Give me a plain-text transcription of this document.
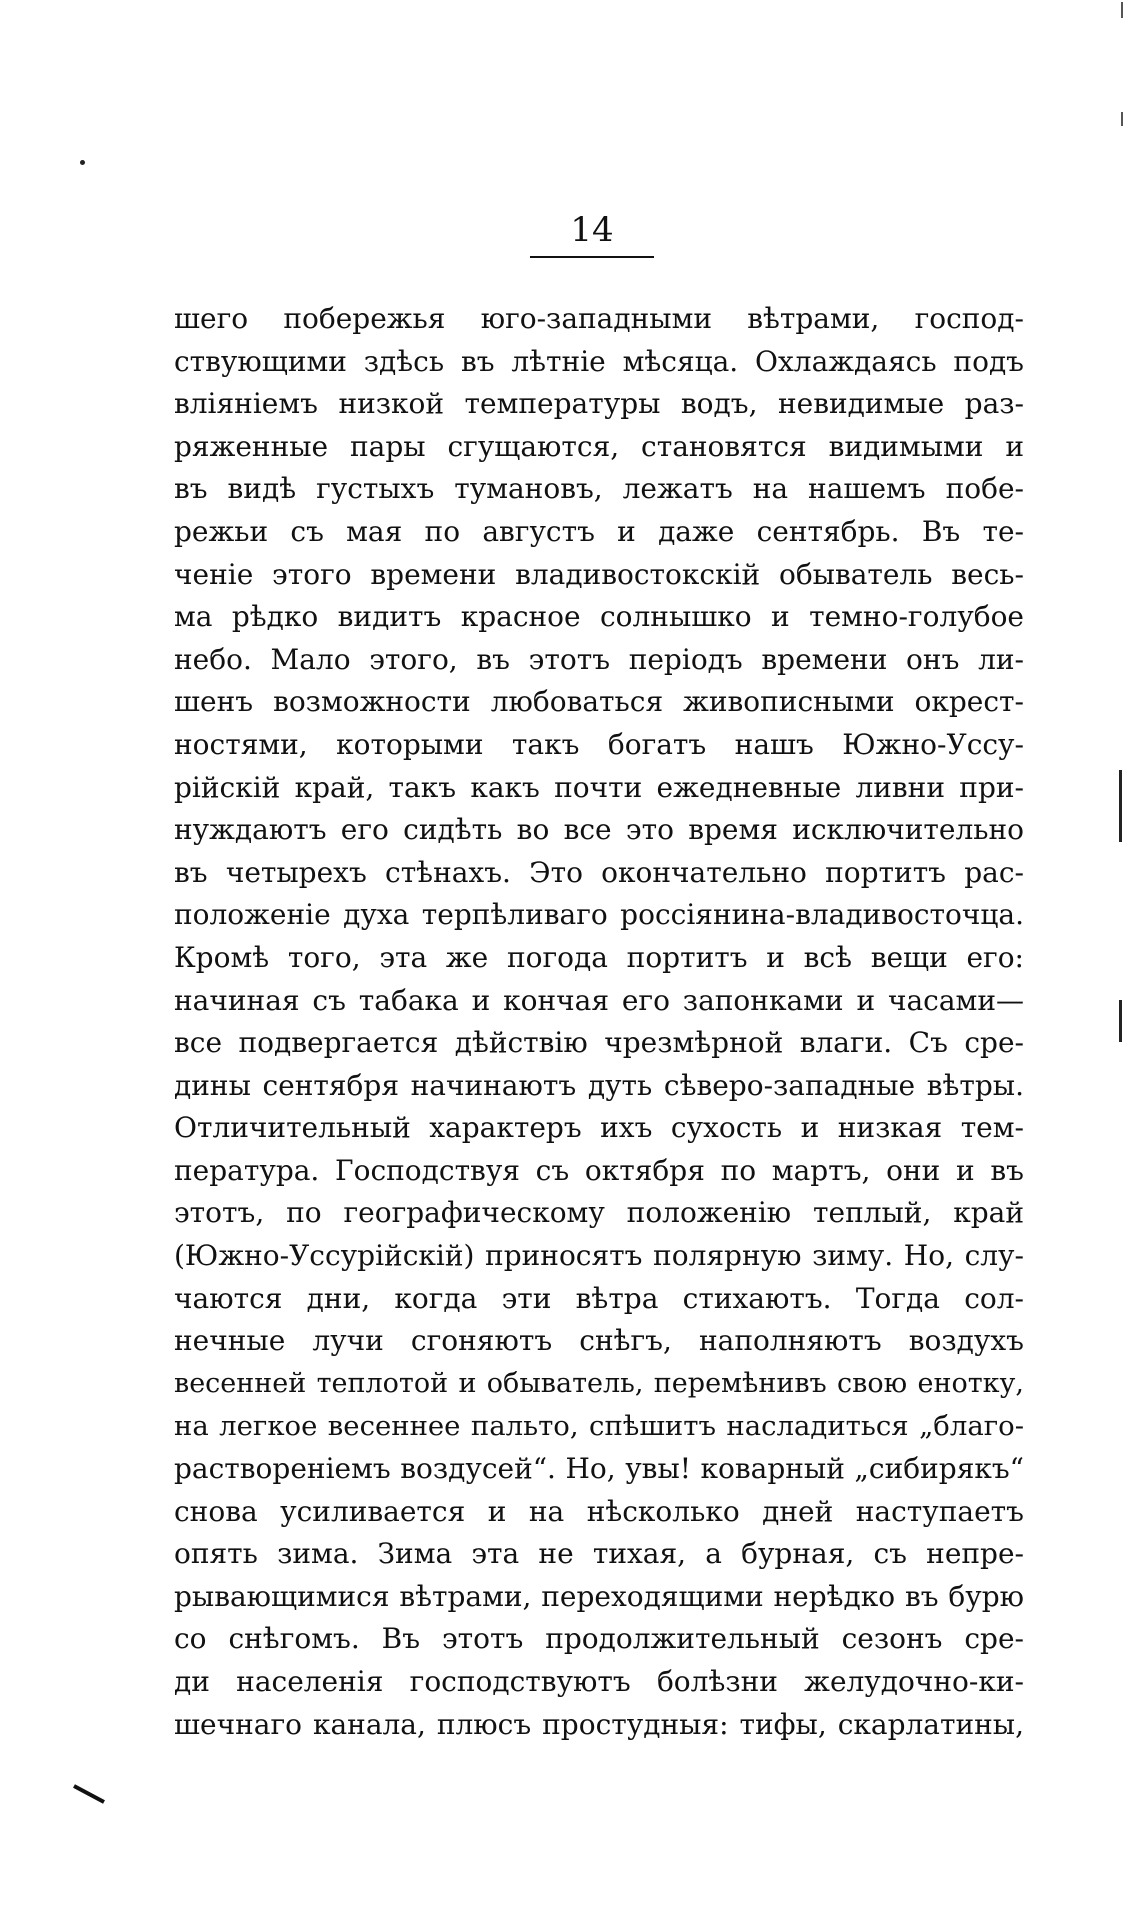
14
шего побережья юго-западными вѣтрами, господ-
ствующими здѣсь въ лѣтніе мѣсяца. Охлаждаясь подъ
вліяніемъ низкой температуры водъ, невидимые раз-
ряженные пары сгущаются, становятся видимыми и
въ видѣ густыхъ тумановъ, лежатъ на нашемъ побе-
режьи съ мая по августъ и даже сентябрь. Въ те-
ченіе этого времени владивостокскій обыватель весь-
ма рѣдко видитъ красное солнышко и темно-голубое
небо. Мало этого, въ этотъ періодъ времени онъ ли-
шенъ возможности любоваться живописными окрест-
ностями, которыми такъ богатъ нашъ Южно-Уссу-
рійскій край, такъ какъ почти ежедневные ливни при-
нуждаютъ его сидѣть во все это время исключительно
въ четырехъ стѣнахъ. Это окончательно портитъ рас-
положеніе духа терпѣливаго россіянина-владивосточца.
Кромѣ того, эта же погода портитъ и всѣ вещи его:
начиная съ табака и кончая его запонками и часами—
все подвергается дѣйствію чрезмѣрной влаги. Съ сре-
дины сентября начинаютъ дуть сѣверо-западные вѣтры.
Отличительный характеръ ихъ сухость и низкая тем-
пература. Господствуя съ октября по мартъ, они и въ
этотъ, по географическому положенію теплый, край
(Южно-Уссурійскій) приносятъ полярную зиму. Но, слу-
чаются дни, когда эти вѣтра стихаютъ. Тогда сол-
нечные лучи сгоняютъ снѣгъ, наполняютъ воздухъ
весенней теплотой и обыватель, перемѣнивъ свою енотку,
на легкое весеннее пальто, спѣшитъ насладиться „благо-
растворенiемъ воздусей“. Но, увы! коварный „сибирякъ“
снова усиливается и на нѣсколько дней наступаетъ
опять зима. Зима эта не тихая, а бурная, съ непре-
рывающимися вѣтрами, переходящими нерѣдко въ бурю
со снѣгомъ. Въ этотъ продолжительный сезонъ сре-
ди населенія господствуютъ болѣзни желудочно-ки-
шечнаго канала, плюсъ простудныя: тифы, скарлатины,
